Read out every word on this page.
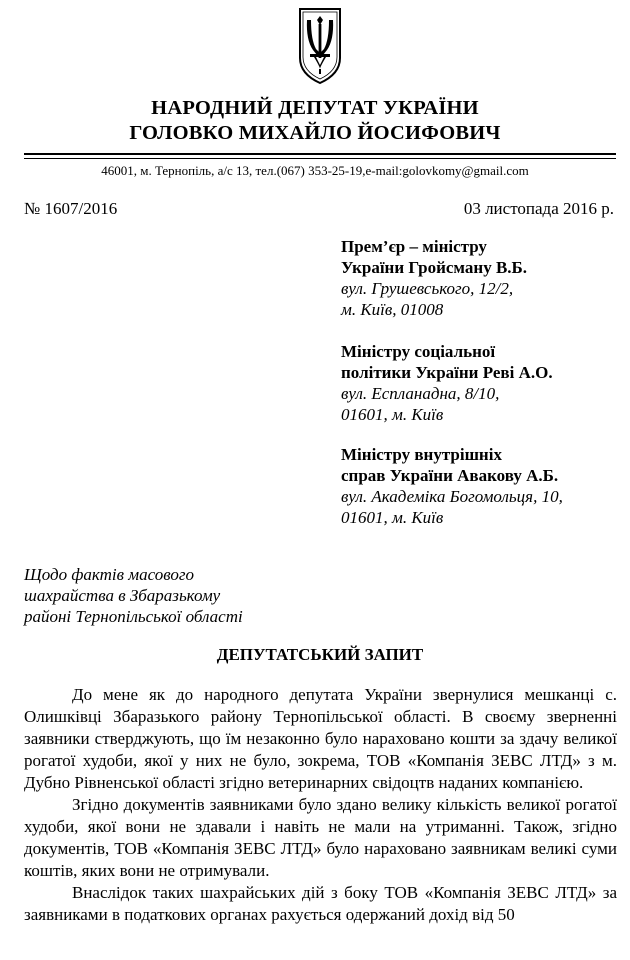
НАРОДНИЙ ДЕПУТАТ УКРАЇНИ
ГОЛОВКО МИХАЙЛО ЙОСИФОВИЧ
46001, м. Тернопіль, а/с 13, тел.(067) 353-25-19,e-mail:golovkomy@gmail.com
№ 1607/2016	03 листопада 2016 р.
Прем’єр – міністру
України Гройсману В.Б.
вул. Грушевського, 12/2,
м. Київ, 01008
Міністру соціальної
політики України Реві А.О.
вул. Еспланадна, 8/10,
01601, м. Київ
Міністру внутрішніх
справ України Авакову А.Б.
вул. Академіка Богомольця, 10,
01601, м. Київ
Щодо фактів масового
шахрайства в Збаразькому
районі Тернопільської області
ДЕПУТАТСЬКИЙ ЗАПИТ

До мене як до народного депутата України звернулися мешканці с. Олишківці Збаразького району Тернопільської області. В своєму зверненні заявники стверджують, що їм незаконно було нараховано кошти за здачу великої рогатої худоби, якої у них не було, зокрема, ТОВ «Компанія ЗЕВС ЛТД» з м. Дубно Рівненської області згідно ветеринарних свідоцтв наданих компанією.

Згідно документів заявниками було здано велику кількість великої рогатої худоби, якої вони не здавали і навіть не мали на утриманні. Також, згідно документів, ТОВ «Компанія ЗЕВС ЛТД» було нараховано заявникам великі суми коштів, яких вони не отримували.

Внаслідок таких шахрайських дій з боку ТОВ «Компанія ЗЕВС ЛТД» за заявниками в податкових органах рахується одержаний дохід від 50
